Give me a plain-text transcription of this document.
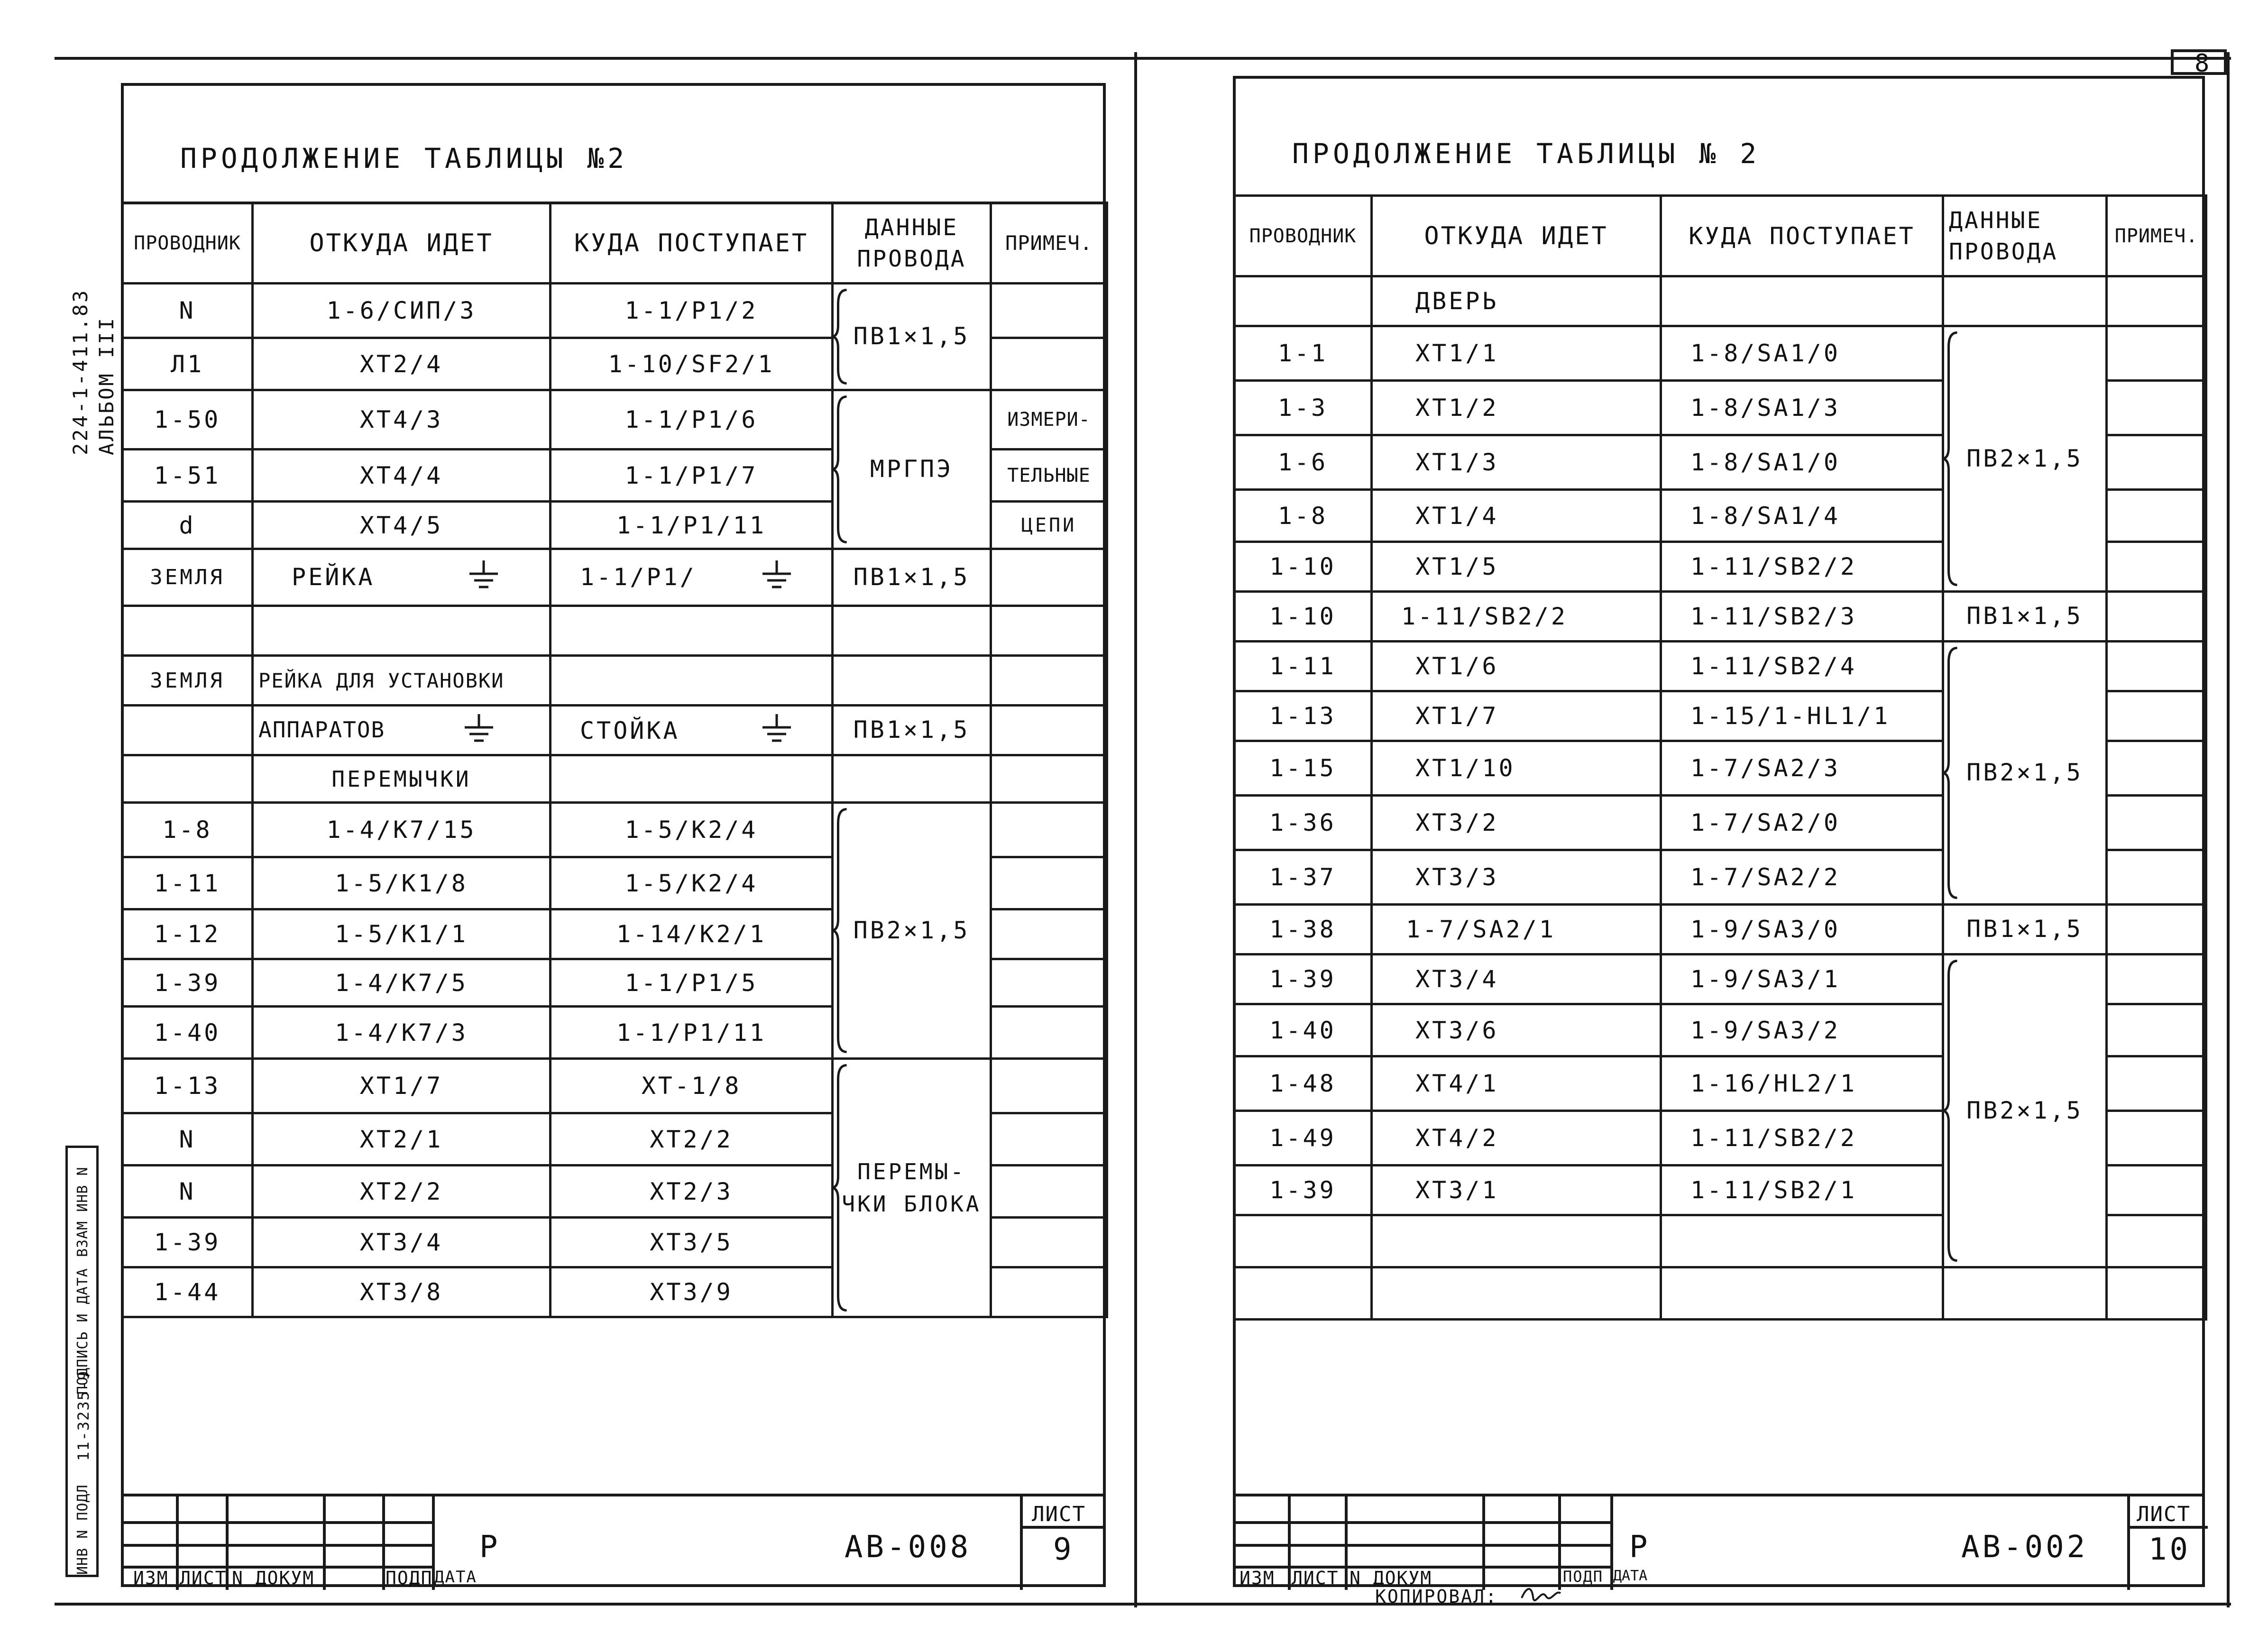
8
224-1-411.83 АЛЬБОМ III
ИНВ N ПОДЛ
11-3235-9
ПОДПИСЬ И ДАТА
ВЗАМ ИНВ N
ПРОДОЛЖЕНИЕ ТАБЛИЦЫ №2
ПРОВОДНИК	ОТКУДА ИДЕТ	КУДА ПОСТУПАЕТ	ДАННЫЕ ПРОВОДА	ПРИМЕЧ.
N	1-6/СИП/3	1-1/Р1/2	ПВ1×1,5	
Л1	ХТ2/4	1-10/SF2/1		
1-50	ХТ4/3	1-1/Р1/6	МРГПЭ	ИЗМЕРИ-
1-51	ХТ4/4	1-1/Р1/7		ТЕЛЬНЫЕ
d	ХТ4/5	1-1/Р1/11		ЦЕПИ
ЗЕМЛЯ	РЕЙКА	1-1/Р1/	ПВ1×1,5	

ЗЕМЛЯ	РЕЙКА ДЛЯ УСТАНОВКИ			

	АППАРАТОВ	СТОЙКА	ПВ1×1,5	
	ПЕРЕМЫЧКИ			
1-8	1-4/К7/15	1-5/К2/4	ПВ2×1,5	
1-11	1-5/К1/8	1-5/К2/4		
1-12	1-5/К1/1	1-14/К2/1		
1-39	1-4/К7/5	1-1/Р1/5		
1-40	1-4/К7/3	1-1/Р1/11		
1-13	ХТ1/7	ХТ-1/8	ПЕРЕМЫ-ЧКИ БЛОКА	
N	ХТ2/1	ХТ2/2		
N	ХТ2/2	ХТ2/3		
1-39	ХТ3/4	ХТ3/5		
1-44	ХТ3/8	ХТ3/9		
ИЗМ ЛИСТ N ДОКУМ	ПОДП ДАТА
Р	АВ-008
ЛИСТ
9
ПРОДОЛЖЕНИЕ ТАБЛИЦЫ № 2
ПРОВОДНИК	ОТКУДА ИДЕТ	КУДА ПОСТУПАЕТ	ДАННЫЕ ПРОВОДА	ПРИМЕЧ.
	ДВЕРЬ			
1-1	ХТ1/1	1-8/SA1/0	ПВ2×1,5	
1-3	ХТ1/2	1-8/SA1/3		
1-6	ХТ1/3	1-8/SA1/0		
1-8	ХТ1/4	1-8/SA1/4		
1-10	ХТ1/5	1-11/SB2/2		
1-10	1-11/SB2/2	1-11/SB2/3	ПВ1×1,5	
1-11	ХТ1/6	1-11/SB2/4	ПВ2×1,5	
1-13	ХТ1/7	1-15/1-HL1/1		
1-15	ХТ1/10	1-7/SA2/3		
1-36	ХТ3/2	1-7/SA2/0		
1-37	ХТ3/3	1-7/SA2/2		
1-38	1-7/SA2/1	1-9/SA3/0	ПВ1×1,5	
1-39	ХТ3/4	1-9/SA3/1	ПВ2×1,5	
1-40	ХТ3/6	1-9/SA3/2		
1-48	ХТ4/1	1-16/HL2/1		
1-49	ХТ4/2	1-11/SB2/2		
1-39	ХТ3/1	1-11/SB2/1		

ИЗМ ЛИСТ N ДОКУМ	ПОДП ДАТА
Р	АВ-002
ЛИСТ
10
КОПИРОВАЛ:
